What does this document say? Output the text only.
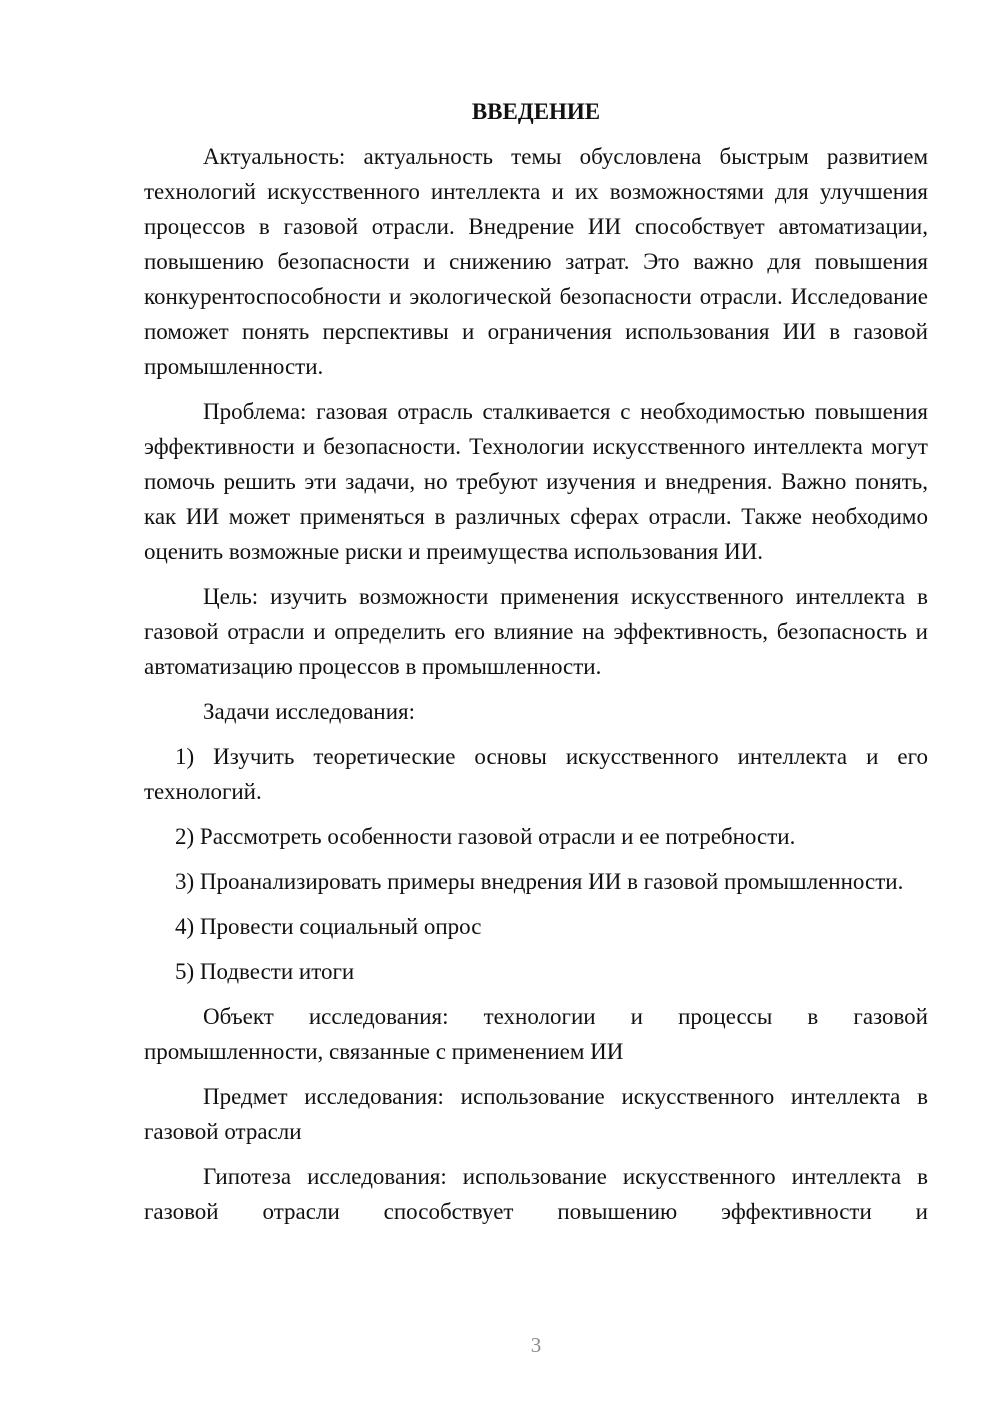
ВВЕДЕНИЕ

Актуальность: актуальность темы обусловлена быстрым развитием технологий искусственного интеллекта и их возможностями для улучшения процессов в газовой отрасли. Внедрение ИИ способствует автоматизации, повышению безопасности и снижению затрат. Это важно для повышения конкурентоспособности и экологической безопасности отрасли. Исследование поможет понять перспективы и ограничения использования ИИ в газовой промышленности.

Проблема: газовая отрасль сталкивается с необходимостью повышения эффективности и безопасности. Технологии искусственного интеллекта могут помочь решить эти задачи, но требуют изучения и внедрения. Важно понять, как ИИ может применяться в различных сферах отрасли. Также необходимо оценить возможные риски и преимущества использования ИИ.

Цель: изучить возможности применения искусственного интеллекта в газовой отрасли и определить его влияние на эффективность, безопасность и автоматизацию процессов в промышленности.

Задачи исследования:

1) Изучить теоретические основы искусственного интеллекта и его технологий.

2) Рассмотреть особенности газовой отрасли и ее потребности.

3) Проанализировать примеры внедрения ИИ в газовой промышленности.

4) Провести социальный опрос

5) Подвести итоги

Объект исследования: технологии и процессы в газовой промышленности, связанные с применением ИИ

Предмет исследования: использование искусственного интеллекта в газовой отрасли

Гипотеза исследования: использование искусственного интеллекта в газовой отрасли способствует повышению эффективности и

3
